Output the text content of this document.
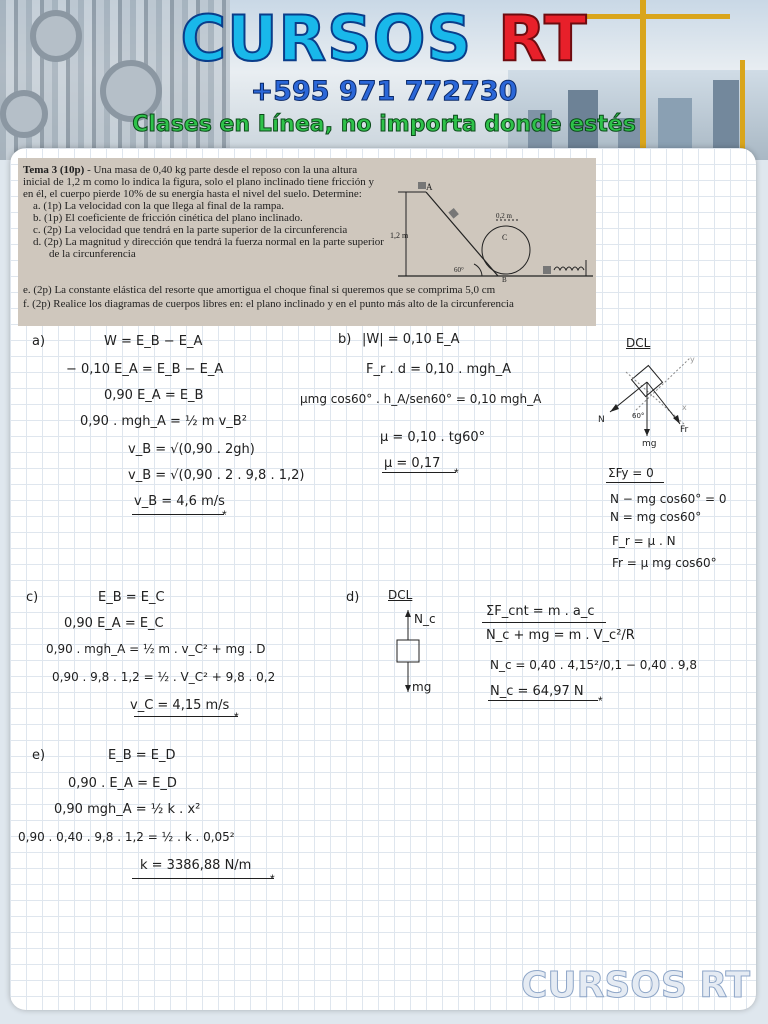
CURSOS RT
+595 971 772730
Clases en Línea, no importa donde estés
Tema 3 (10p) - Una masa de 0,40 kg parte desde el reposo con la una altura inicial de 1,2 m como lo indica la figura, solo el plano inclinado tiene fricción y en él, el cuerpo pierde 10% de su energía hasta el nivel del suelo. Determine:
a. (1p) La velocidad con la que llega al final de la rampa.
b. (1p) El coeficiente de fricción cinética del plano inclinado.
c. (2p) La velocidad que tendrá en la parte superior de la circunferencia
d. (2p) La magnitud y dirección que tendrá la fuerza normal en la parte superior de la circunferencia
e. (2p) La constante elástica del resorte que amortigua el choque final si queremos que se comprima 5,0 cm
f. (2p) Realice los diagramas de cuerpos libres en: el plano inclinado y en el punto más alto de la circunferencia
A
1,2 m
60°
0,2 m
C
B
a)	W = E_B − E_A
− 0,10 E_A = E_B − E_A
0,90 E_A = E_B
0,90 . mgh_A = ½ m v_B²
v_B = √(0,90 . 2gh)
v_B = √(0,90 . 2 . 9,8 . 1,2)
v_B = 4,6 m/s
*
b) |W| = 0,10 E_A
F_r . d = 0,10 . mgh_A
μmg cos60° . h_A/sen60° = 0,10 mgh_A
μ = 0,10 . tg60°
μ = 0,17
*
DCL
N
Fr
mg
60°
y
x
ΣFy = 0
N − mg cos60° = 0
N = mg cos60°
F_r = μ . N
Fr = μ mg cos60°
c)	E_B = E_C
0,90 E_A = E_C
0,90 . mgh_A = ½ m . v_C² + mg . D
0,90 . 9,8 . 1,2 = ½ . V_C² + 9,8 . 0,2
v_C = 4,15 m/s
*
d) DCL
N_c
mg
ΣF_cnt = m . a_c
N_c + mg = m . V_c²/R
N_c = 0,40 . 4,15²/0,1 − 0,40 . 9,8
N_c = 64,97 N
*
e)	E_B = E_D
0,90 . E_A = E_D
0,90 mgh_A = ½ k . x²
0,90 . 0,40 . 9,8 . 1,2 = ½ . k . 0,05²
k = 3386,88 N/m
*
CURSOS RT
